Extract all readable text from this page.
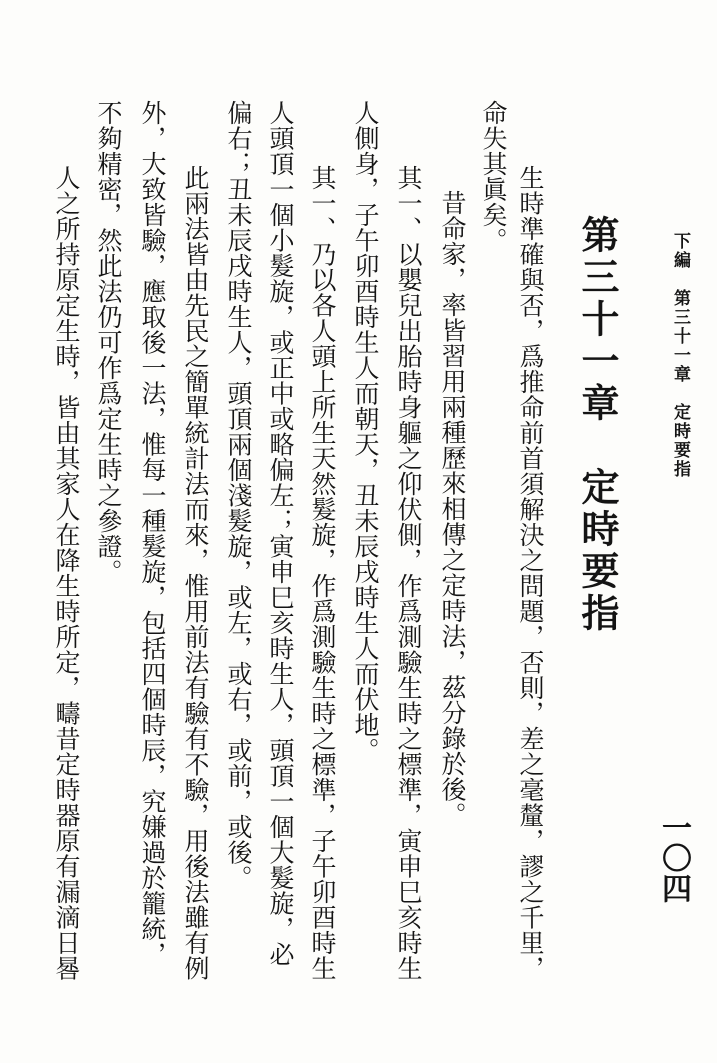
下編　第三十一章　定時要指
一〇四
第三十一章　定時要指
生時準確與否，爲推命前首須解決之問題，否則，差之毫釐，謬之千里，
命失其眞矣。
昔命家，率皆習用兩種歷來相傳之定時法，茲分錄於後。
其一、以嬰兒出胎時身軀之仰伏側，作爲測驗生時之標準，寅申巳亥時生
人側身，子午卯酉時生人而朝天，丑未辰戌時生人而伏地。
其一、乃以各人頭上所生天然髮旋，作爲測驗生時之標準，子午卯酉時生
人頭頂一個小髮旋，或正中或略偏左；寅申巳亥時生人，頭頂一個大髮旋，必
偏右；丑未辰戌時生人，頭頂兩個淺髮旋，或左，或右，或前，或後。
此兩法皆由先民之簡單統計法而來，惟用前法有驗有不驗，用後法雖有例
外，大致皆驗，應取後一法，惟每一種髮旋，包括四個時辰，究嫌過於籠統，
不夠精密，然此法仍可作爲定生時之參證。
人之所持原定生時，皆由其家人在降生時所定，疇昔定時器原有漏滴日晷
